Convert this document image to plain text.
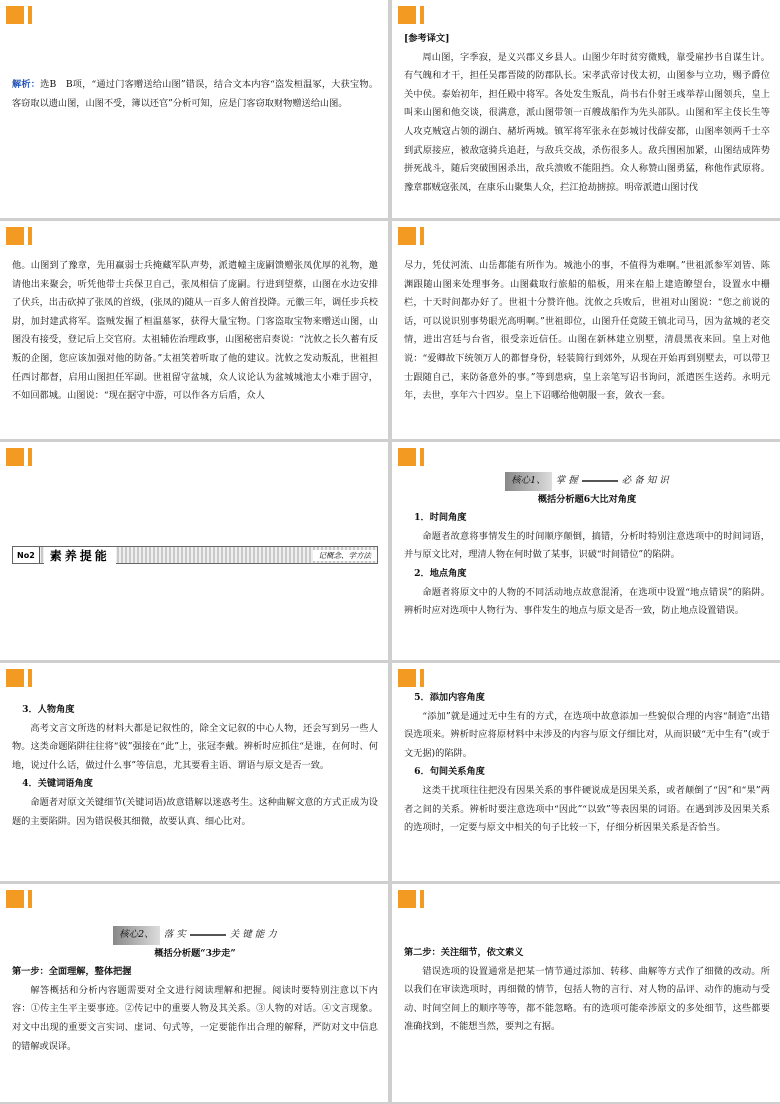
解析：选B　B项，“通过门客赠送给山图”错误，结合文本内容“盗发桓温冢，大获宝物。客窃取以遗山图，山图不受，簿以还官”分析可知，应是门客窃取财物赠送给山图。

[参考译文]

周山图，字季寂，是义兴郡义乡县人。山图少年时贫穷微贱，靠受雇抄书自谋生计。有气魄和才干，担任吴郡晋陵的防郡队长。宋孝武帝讨伐太初，山图参与立功，赐予爵位关中侯。泰始初年，担任殿中将军。各处发生叛乱，尚书右仆射王彧举荐山图领兵，皇上叫来山图和他交谈，很满意，派山图带领一百艘战船作为先头部队。山图和军主伎长生等人攻克贼寇占领的湖白、赭圻两城。镇军将军张永在彭城讨伐薛安都，山图率领两千士卒到武原接应，被敌寇骑兵追赶，与敌兵交战，杀伤很多人。敌兵围困加紧，山图结成阵势拼死战斗，随后突破围困杀出，敌兵溃败不能阻挡。众人称赞山图勇猛，称他作武原将。豫章郡贼寇张凤，在康乐山聚集人众，拦江抢劫掳掠。明帝派遣山图讨伐

他。山图到了豫章，先用赢弱士兵掩藏军队声势，派遣幢主庞嗣馈赠张凤优厚的礼物，邀请他出来聚会，听凭他带士兵保卫自己，张凤相信了庞嗣。行进到望蔡，山图在水边安排了伏兵，出击砍掉了张凤的首级，(张凤的)随从一百多人俯首投降。元徽三年，调任步兵校尉，加封建武将军。盗贼发掘了桓温墓冢，获得大量宝物。门客盗取宝物来赠送山图，山图没有接受，登记后上交官府。太祖辅佐治理政事，山图秘密启奏说：“沈攸之长久蓄有反叛的企图，您应该加强对他的防备。”太祖笑着听取了他的建议。沈攸之发动叛乱，世祖担任西讨都督，启用山图担任军副。世祖留守盆城，众人议论认为盆城城池太小难于固守，不如回都城。山图说：“现在据守中游，可以作各方后盾，众人

尽力，凭仗河流、山岳都能有所作为。城池小的事，不值得为难啊。”世祖派参军刘皆、陈渊跟随山图来处理事务。山图截取行旅船的船板，用来在船上建造瞭望台，设置水中栅栏，十天时间都办好了。世祖十分赞许他。沈攸之兵败后，世祖对山图说：“您之前说的话，可以说识别事势眼光高明啊。”世祖即位，山图升任竟陵王镇北司马，因为盆城的老交情，进出宫廷与台省，很受亲近信任。山图在新林建立别墅，清晨黑夜来回。皇上对他说：“爱卿故下统领万人的都督身份，轻装简行到郊外，从现在开始再到别墅去，可以带卫士跟随自己，来防备意外的事。”等到患病，皇上亲笔写诏书询问，派遣医生送药。永明元年，去世，享年六十四岁。皇上下诏哪给他朝服一套，敛衣一套。

No2	素养提能	记概念、学方法
核心1、	掌 握	必 备 知 识

概括分析题6大比对角度

1．时间角度

命题者故意将事情发生的时间顺序颠倒，搞错，分析时特别注意选项中的时间词语，并与原文比对，理清人物在何时做了某事，识破“时间错位”的陷阱。

2．地点角度

命题者将原文中的人物的不同活动地点故意混淆，在选项中设置“地点错误”的陷阱。辨析时应对选项中人物行为、事件发生的地点与原文是否一致，防止地点设置错误。

3．人物角度

高考文言文所选的材料大都是记叙性的，除全文记叙的中心人物，还会写到另一些人物。这类命题陷阱往往将“彼”强接在“此”上，张冠李戴。辨析时应抓住“是谁，在何时、何地，说过什么话，做过什么事”等信息，尤其要看主语、谓语与原文是否一致。

4．关键词语角度

命题者对原文关键细节(关键词语)故意错解以迷惑考生。这种曲解文意的方式正成为设题的主要陷阱。因为错误极其细微，故要认真、细心比对。

5．添加内容角度

“添加”就是通过无中生有的方式，在选项中故意添加一些貌似合理的内容“制造”出错误选项来。辨析时应将原材料中未涉及的内容与原文仔细比对，从而识破“无中生有”(或于文无据)的陷阱。

6．句间关系角度

这类干扰项往往把没有因果关系的事件硬说成是因果关系，或者颠倒了“因”和“果”两者之间的关系。辨析时要注意选项中“因此”“以致”等表因果的词语。在遇到涉及因果关系的选项时，一定要与原文中相关的句子比较一下，仔细分析因果关系是否恰当。

核心2、	落 实	关 键 能 力

概括分析题“3步走”

第一步：全面理解，整体把握

解答概括和分析内容题需要对全文进行阅读理解和把握。阅读时要特别注意以下内容：①传主生平主要事迹。②传记中的重要人物及其关系。③人物的对话。④文言现象。对文中出现的重要文言实词、虚词、句式等，一定要能作出合理的解释，严防对文中信息的错解或误译。

第二步：关注细节，依文索义

错误选项的设置通常是把某一情节通过添加、转移、曲解等方式作了细微的改动。所以我们在审读选项时，再细微的情节，包括人物的言行、对人物的品评、动作的施动与受动、时间空间上的顺序等等，都不能忽略。有的选项可能牵涉原文的多处细节，这些都要准确找到，不能想当然，要判之有据。
